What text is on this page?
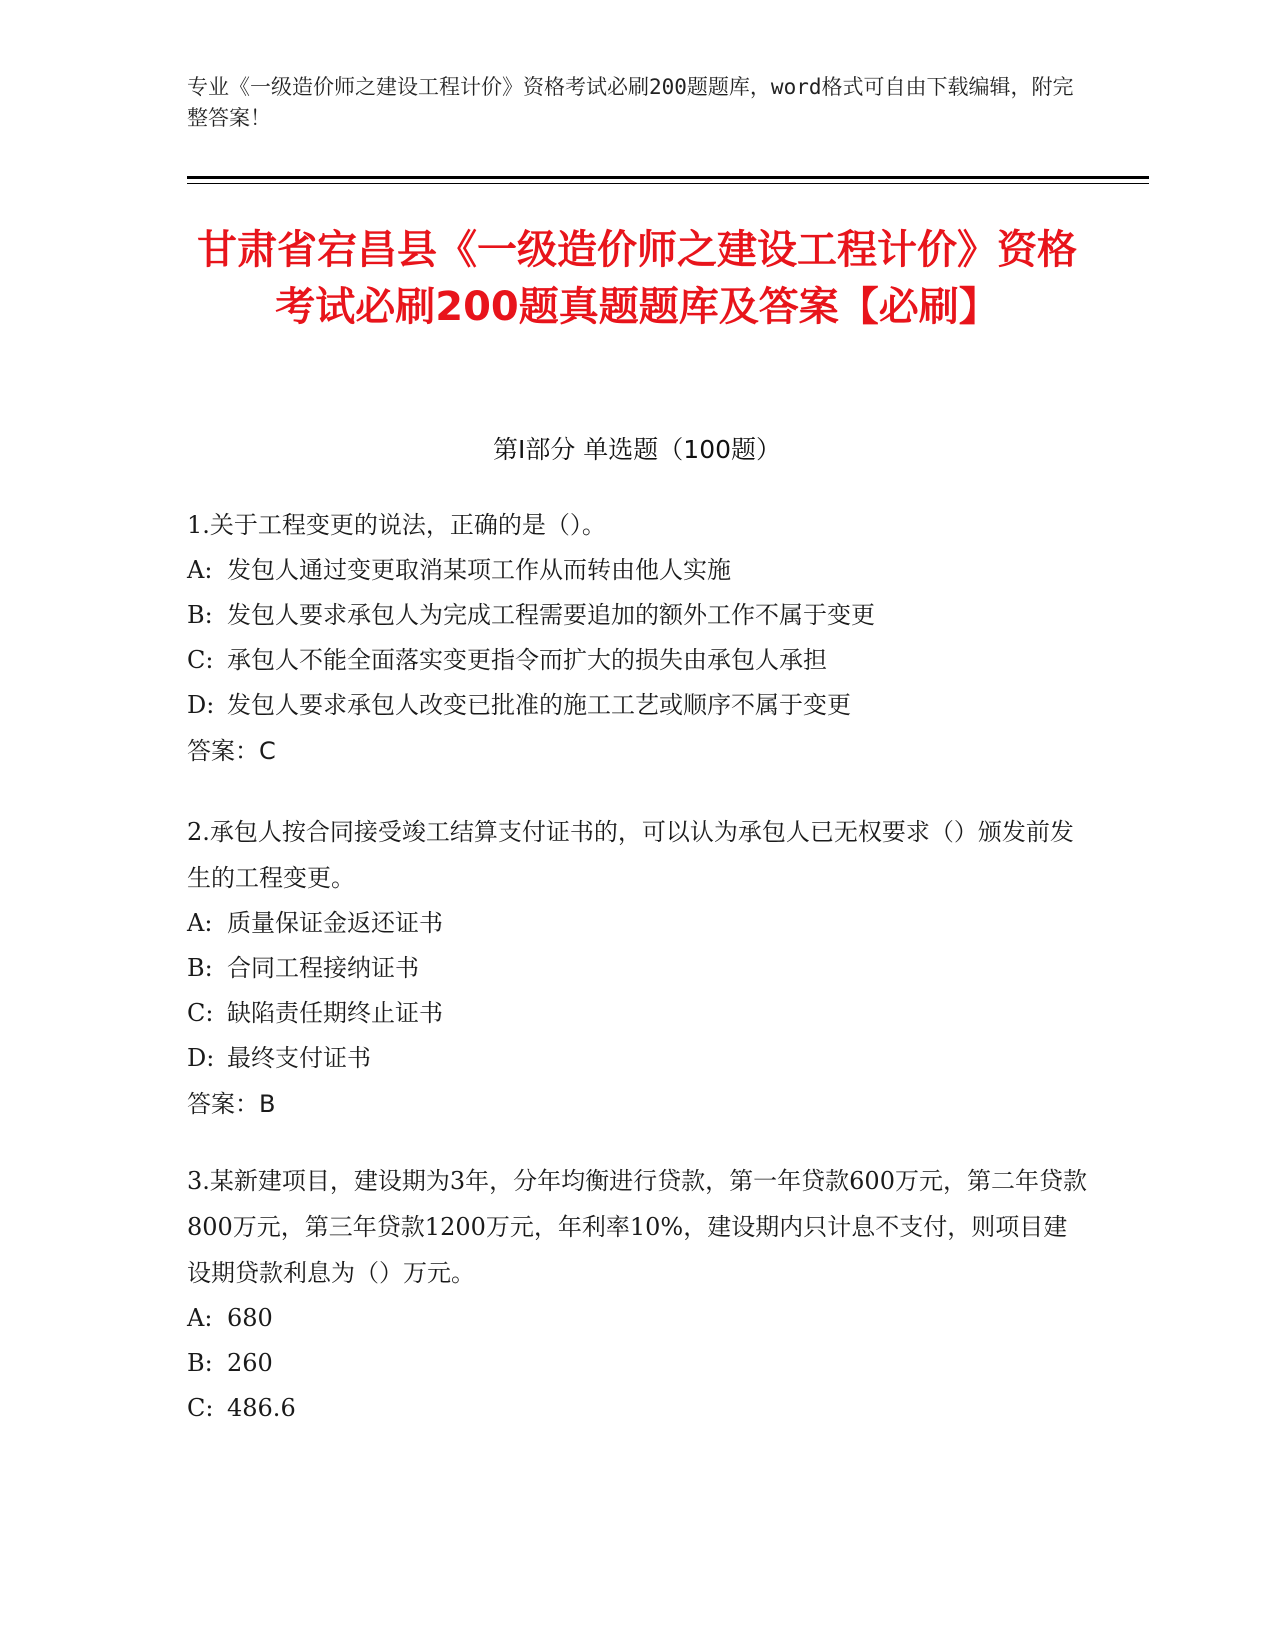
专业《一级造价师之建设工程计价》资格考试必刷200题题库，word格式可自由下载编辑，附完整答案！
甘肃省宕昌县《一级造价师之建设工程计价》资格考试必刷200题真题题库及答案【必刷】
第I部分 单选题（100题）

1.关于工程变更的说法，正确的是（）。

A: 发包人通过变更取消某项工作从而转由他人实施

B: 发包人要求承包人为完成工程需要追加的额外工作不属于变更

C: 承包人不能全面落实变更指令而扩大的损失由承包人承担

D: 发包人要求承包人改变已批准的施工工艺或顺序不属于变更

答案：C

2.承包人按合同接受竣工结算支付证书的，可以认为承包人已无权要求（）颁发前发生的工程变更。

A: 质量保证金返还证书

B: 合同工程接纳证书

C: 缺陷责任期终止证书

D: 最终支付证书

答案：B

3.某新建项目，建设期为3年，分年均衡进行贷款，第一年贷款600万元，第二年贷款800万元，第三年贷款1200万元，年利率10%，建设期内只计息不支付，则项目建设期贷款利息为（）万元。

A: 680

B: 260

C: 486.6
